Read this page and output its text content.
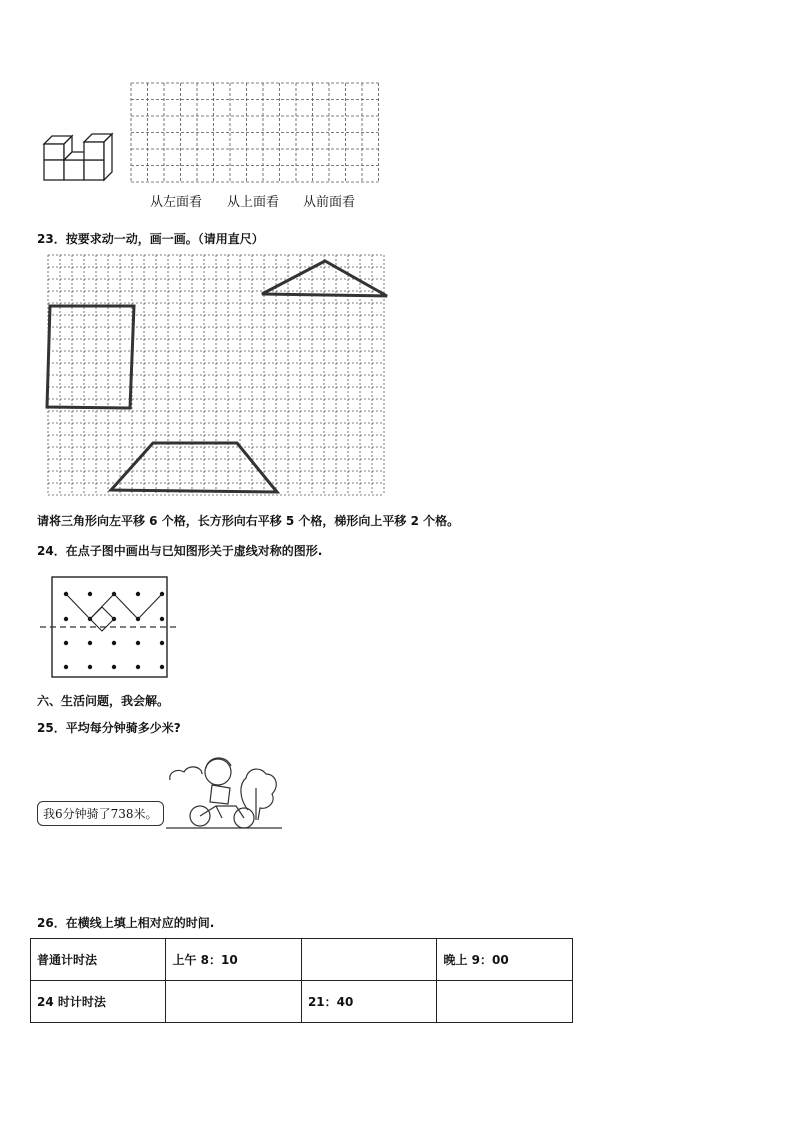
从左面看 从上面看 从前面看
23．按要求动一动，画一画。（请用直尺）
请将三角形向左平移 6 个格，长方形向右平移 5 个格，梯形向上平移 2 个格。
24．在点子图中画出与已知图形关于虚线对称的图形.
六、生活问题，我会解。
25．平均每分钟骑多少米?
我6分钟骑了738米。
26．在横线上填上相对应的时间.
普通计时法	上午 8：10		晚上 9：00
24 时计时法		21：40	
